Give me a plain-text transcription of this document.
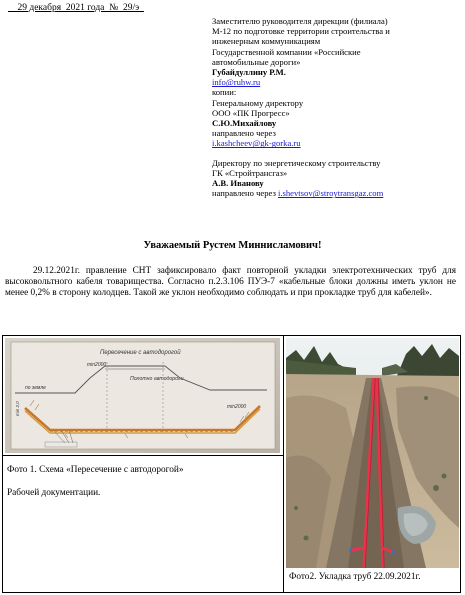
29 декабря  2021 года  №  29/э
Заместителю руководителя дирекции (филиала)
М-12 по подготовке территории строительства и
инженерным коммуникациям
Государственной компании «Российские
автомобильные дороги»
Губайдуллину Р.М.
info@ruhw.ru
копии:
Генеральному директору
ООО «ПК Прогресс»
С.Ю.Михайлову
направлено через
i.kashcheev@gk-gorka.ru
Директору по энергетическому строительству
ГК «Стройтрансгаз»
А.В. Иванову
направлено через i.shevtsov@stroytransgaz.com
Уважаемый Рустем Миннисламович!
29.12.2021г. правление СНТ зафиксировало факт повторной укладки электротехнических труб для высоковольтного кабеля товарищества. Согласно п.2.3.106 ПУЭ-7 «кабельные блоки должны иметь уклон не менее 0,2% в сторону колодцев. Такой же уклон необходимо соблюдать и при прокладке труб для кабелей».
Пересечение с автодорогой
Полотно автодороги
по земле
min2000
min2000
min 2,0
Фото 1. Схема «Пересечение с автодорогой»
Рабочей документации.
Фото2. Укладка труб 22.09.2021г.
